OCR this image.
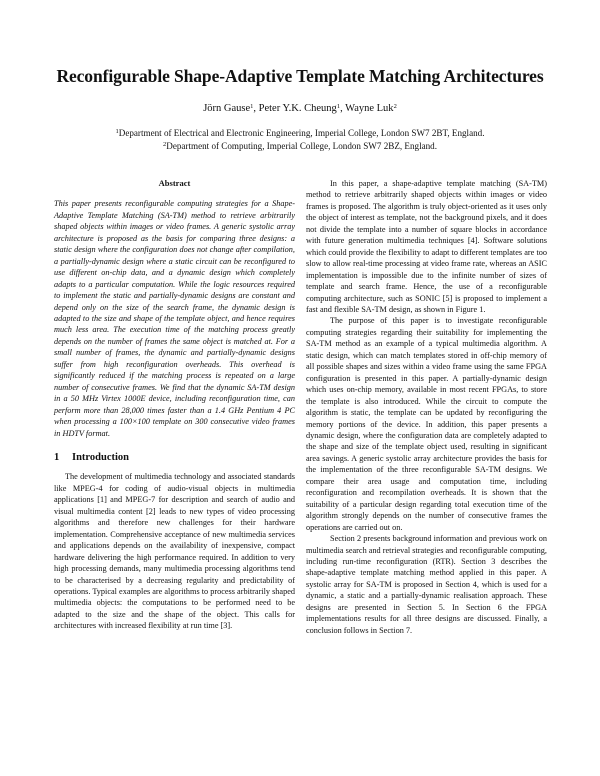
Reconfigurable Shape-Adaptive Template Matching Architectures
Jörn Gause$^1$, Peter Y.K. Cheung$^1$, Wayne Luk$^2$
$^1$Department of Electrical and Electronic Engineering, Imperial College, London SW7 2BT, England.
$^2$Department of Computing, Imperial College, London SW7 2BZ, England.
Abstract

This paper presents reconfigurable computing strategies for a Shape-Adaptive Template Matching (SA-TM) method to retrieve arbitrarily shaped objects within images or video frames. A generic systolic array architecture is proposed as the basis for comparing three designs: a static design where the configuration does not change after compilation, a partially-dynamic design where a static circuit can be reconfigured to use different on-chip data, and a dynamic design which completely adapts to a particular computation. While the logic resources required to implement the static and partially-dynamic designs are constant and depend only on the size of the search frame, the dynamic design is adapted to the size and shape of the template object, and hence requires much less area. The execution time of the matching process greatly depends on the number of frames the same object is matched at. For a small number of frames, the dynamic and partially-dynamic designs suffer from high reconfiguration overheads. This overhead is significantly reduced if the matching process is repeated on a large number of consecutive frames. We find that the dynamic SA-TM design in a 50 MHz Virtex 1000E device, including reconfiguration time, can perform more than 28,000 times faster than a 1.4 GHz Pentium 4 PC when processing a 100×100 template on 300 consecutive video frames in HDTV format.

1 Introduction

The development of multimedia technology and associated standards like MPEG-4 for coding of audio-visual objects in multimedia applications [1] and MPEG-7 for description and search of audio and visual multimedia content [2] leads to new types of video processing algorithms and therefore new challenges for their hardware implementation. Comprehensive acceptance of new multimedia services and applications depends on the availability of inexpensive, compact hardware delivering the high performance required. In addition to very high processing demands, many multimedia processing algorithms tend to be characterised by a decreasing regularity and predictability of operations. Typical examples are algorithms to process arbitrarily shaped multimedia objects: the computations to be performed need to be adapted to the size and the shape of the object. This calls for architectures with increased flexibility at run time [3].

In this paper, a shape-adaptive template matching (SA-TM) method to retrieve arbitrarily shaped objects within images or video frames is proposed. The algorithm is truly object-oriented as it uses only the object of interest as template, not the background pixels, and it does not divide the template into a number of square blocks in accordance with future generation multimedia techniques [4]. Software solutions which could provide the flexibility to adapt to different templates are too slow to allow real-time processing at video frame rate, whereas an ASIC implementation is impossible due to the infinite number of sizes of template and search frame. Hence, the use of a reconfigurable computing architecture, such as SONIC [5] is proposed to implement a fast and flexible SA-TM design, as shown in Figure 1.

The purpose of this paper is to investigate reconfigurable computing strategies regarding their suitability for implementing the SA-TM method as an example of a typical multimedia algorithm. A static design, which can match templates stored in off-chip memory of all possible shapes and sizes within a video frame using the same FPGA configuration is presented in this paper. A partially-dynamic design which uses on-chip memory, available in most recent FPGAs, to store the template is also introduced. While the circuit to compute the algorithm is static, the template can be updated by reconfiguring the memory portions of the device. In addition, this paper presents a dynamic design, where the configuration data are completely adapted to the shape and size of the template object used, resulting in significant area savings. A generic systolic array architecture provides the basis for the implementation of the three reconfigurable SA-TM designs. We compare their area usage and computation time, including reconfiguration and recompilation overheads. It is shown that the suitability of a particular design regarding total execution time of the algorithm strongly depends on the number of consecutive frames the operations are carried out on.

Section 2 presents background information and previous work on multimedia search and retrieval strategies and reconfigurable computing, including run-time reconfiguration (RTR). Section 3 describes the shape-adaptive template matching method applied in this paper. A systolic array for SA-TM is proposed in Section 4, which is used for a dynamic, a static and a partially-dynamic realisation approach. These designs are presented in Section 5. In Section 6 the FPGA implementations results for all three designs are discussed. Finally, a conclusion follows in Section 7.
